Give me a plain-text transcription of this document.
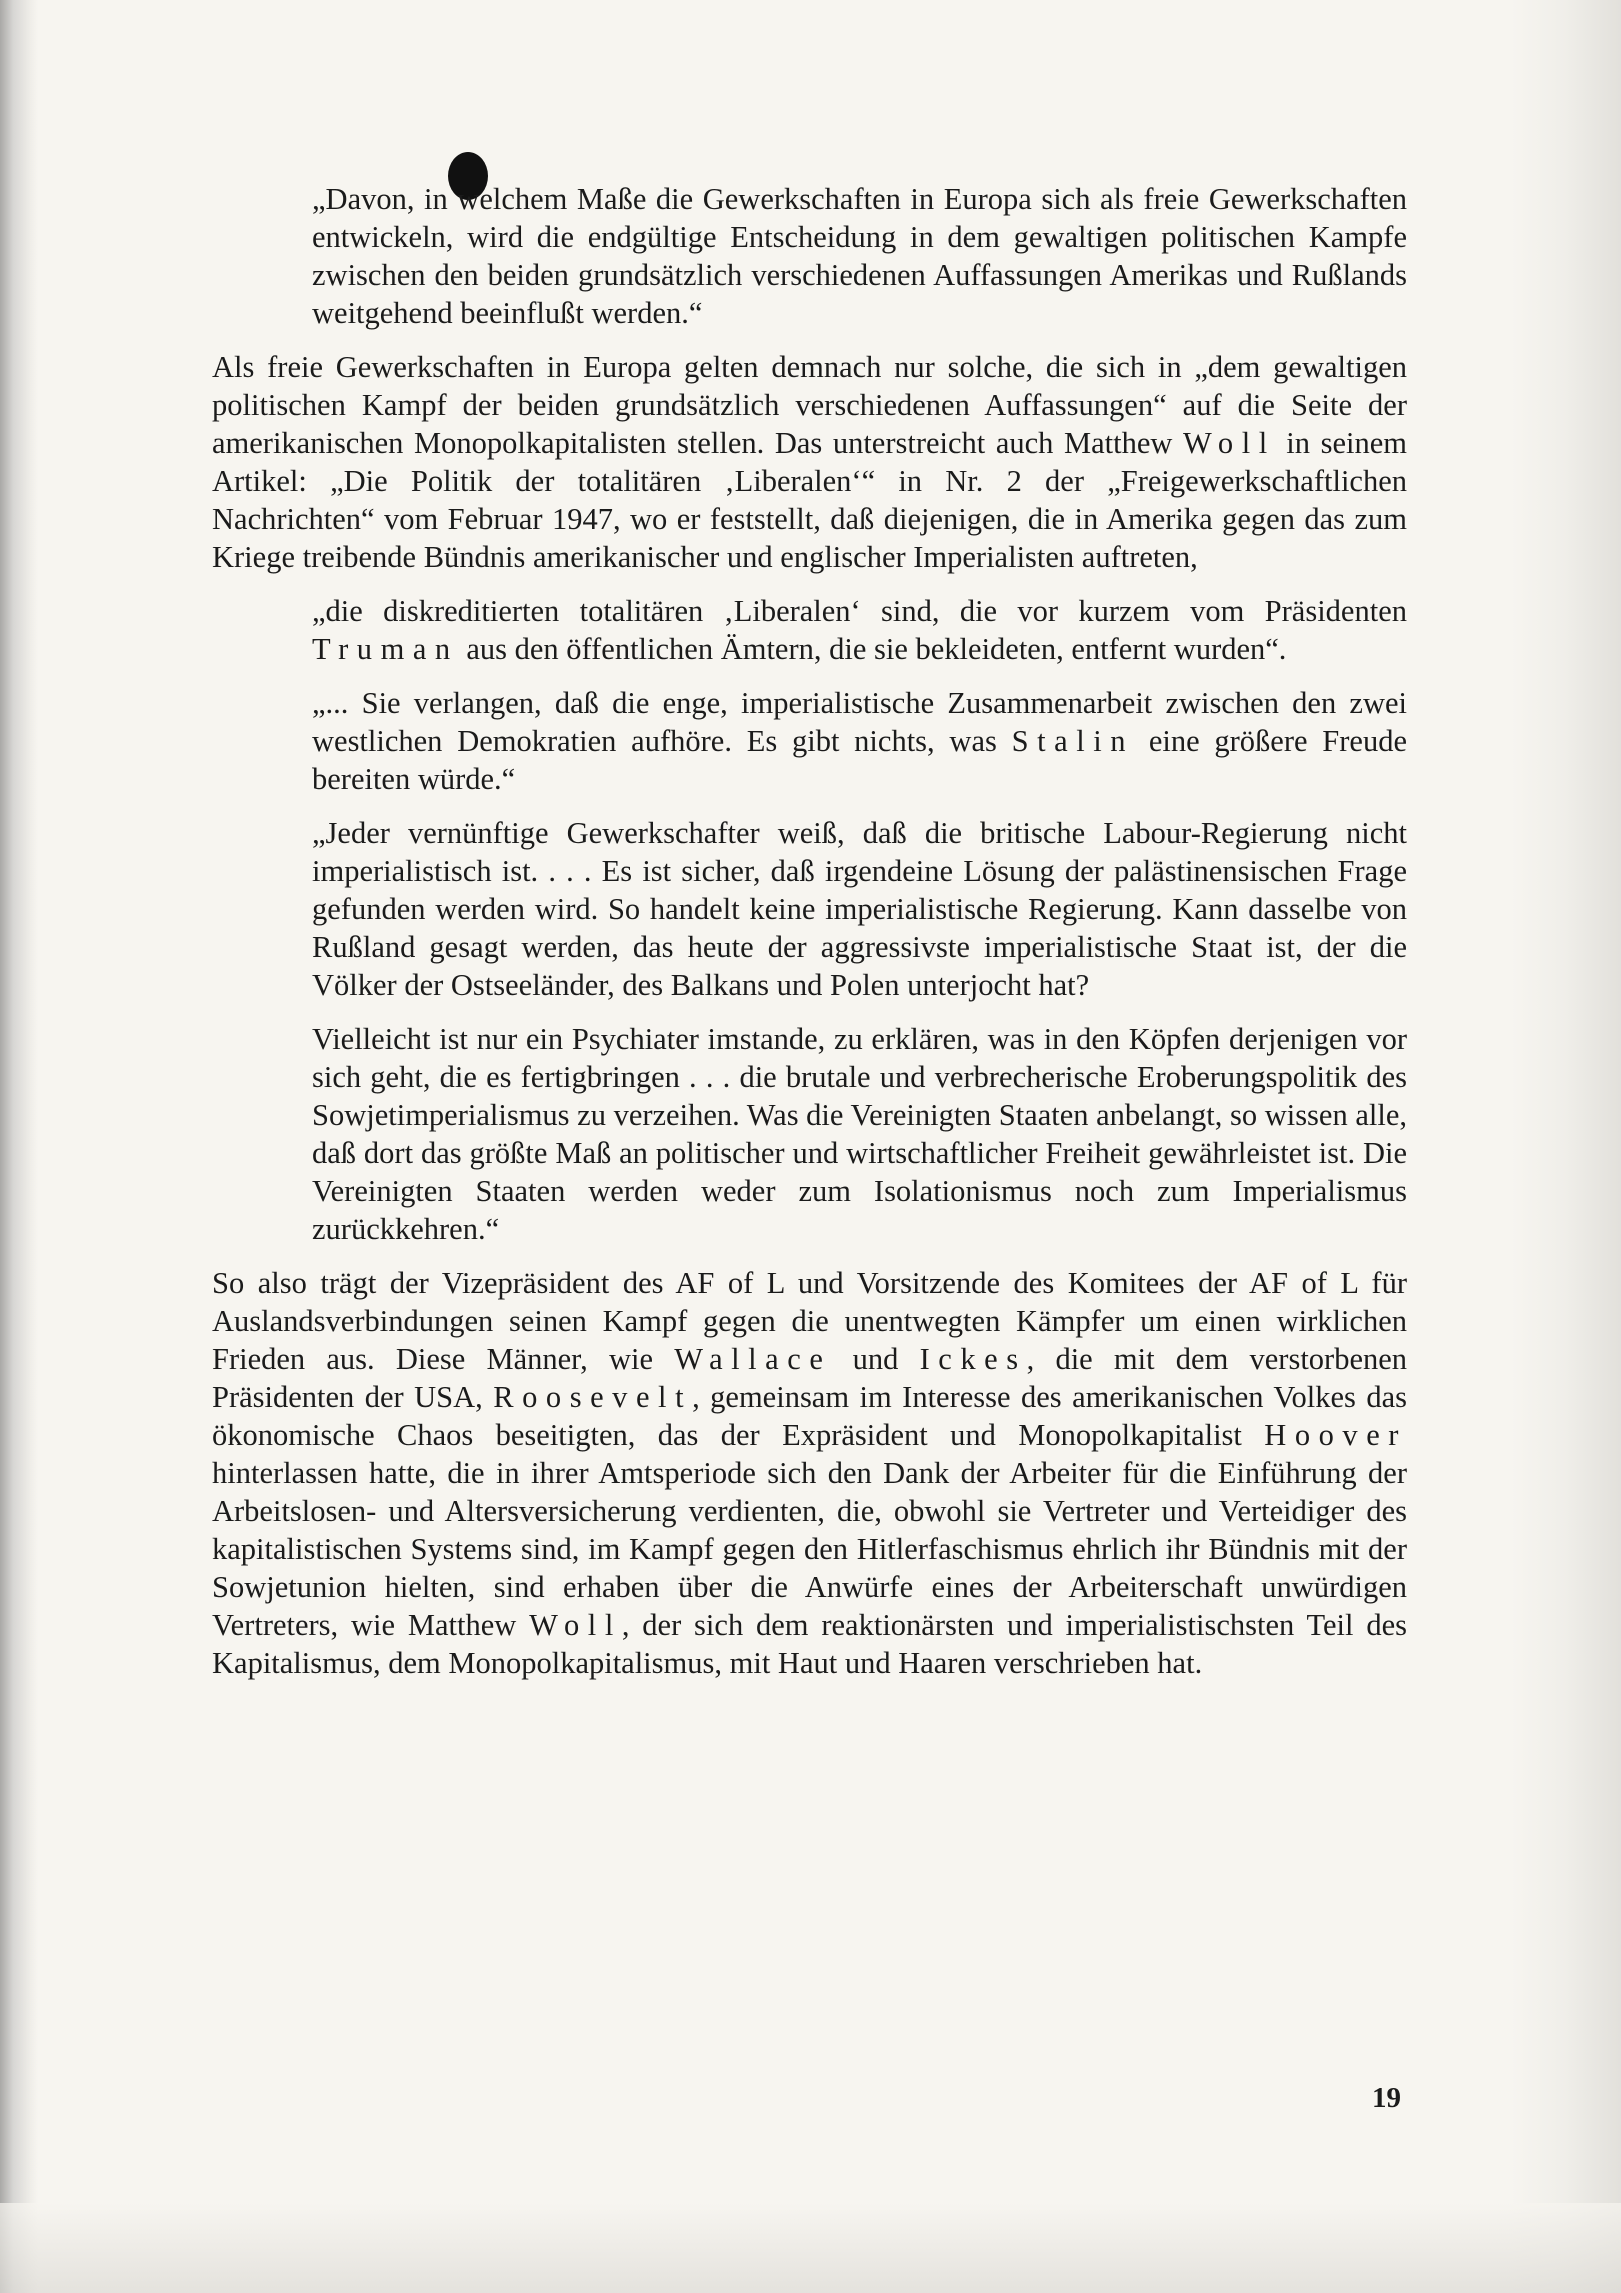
„Davon, in welchem Maße die Gewerkschaften in Europa sich als freie Gewerkschaften entwickeln, wird die endgültige Entscheidung in dem gewaltigen politischen Kampfe zwischen den beiden grundsätzlich verschiedenen Auffassungen Amerikas und Rußlands weitgehend beeinflußt werden.“

Als freie Gewerkschaften in Europa gelten demnach nur solche, die sich in „dem gewaltigen politischen Kampf der beiden grundsätzlich verschiedenen Auffassungen“ auf die Seite der amerikanischen Monopolkapitalisten stellen. Das unterstreicht auch Matthew Woll in seinem Artikel: „Die Politik der totalitären ‚Liberalen‘“ in Nr. 2 der „Freigewerkschaftlichen Nachrichten“ vom Februar 1947, wo er feststellt, daß diejenigen, die in Amerika gegen das zum Kriege treibende Bündnis amerikanischer und englischer Imperialisten auftreten,

„die diskreditierten totalitären ‚Liberalen‘ sind, die vor kurzem vom Präsidenten Truman aus den öffentlichen Ämtern, die sie bekleideten, entfernt wurden“.

„... Sie verlangen, daß die enge, imperialistische Zusammenarbeit zwischen den zwei westlichen Demokratien aufhöre. Es gibt nichts, was Stalin eine größere Freude bereiten würde.“

„Jeder vernünftige Gewerkschafter weiß, daß die britische Labour-Regierung nicht imperialistisch ist. . . . Es ist sicher, daß irgendeine Lösung der palästinensischen Frage gefunden werden wird. So handelt keine imperialistische Regierung. Kann dasselbe von Rußland gesagt werden, das heute der aggressivste imperialistische Staat ist, der die Völker der Ostseeländer, des Balkans und Polen unterjocht hat?

Vielleicht ist nur ein Psychiater imstande, zu erklären, was in den Köpfen derjenigen vor sich geht, die es fertigbringen . . . die brutale und verbrecherische Eroberungspolitik des Sowjetimperialismus zu verzeihen. Was die Vereinigten Staaten anbelangt, so wissen alle, daß dort das größte Maß an politischer und wirtschaftlicher Freiheit gewährleistet ist. Die Vereinigten Staaten werden weder zum Isolationismus noch zum Imperialismus zurückkehren.“

So also trägt der Vizepräsident des AF of L und Vorsitzende des Komitees der AF of L für Auslandsverbindungen seinen Kampf gegen die unentwegten Kämpfer um einen wirklichen Frieden aus. Diese Männer, wie Wallace und Ickes, die mit dem verstorbenen Präsidenten der USA, Roosevelt, gemeinsam im Interesse des amerikanischen Volkes das ökonomische Chaos beseitigten, das der Expräsident und Monopolkapitalist Hoover hinterlassen hatte, die in ihrer Amtsperiode sich den Dank der Arbeiter für die Einführung der Arbeitslosen- und Altersversicherung verdienten, die, obwohl sie Vertreter und Verteidiger des kapitalistischen Systems sind, im Kampf gegen den Hitlerfaschismus ehrlich ihr Bündnis mit der Sowjetunion hielten, sind erhaben über die Anwürfe eines der Arbeiterschaft unwürdigen Vertreters, wie Matthew Woll, der sich dem reaktionärsten und imperialistischsten Teil des Kapitalismus, dem Monopolkapitalismus, mit Haut und Haaren verschrieben hat.

19
